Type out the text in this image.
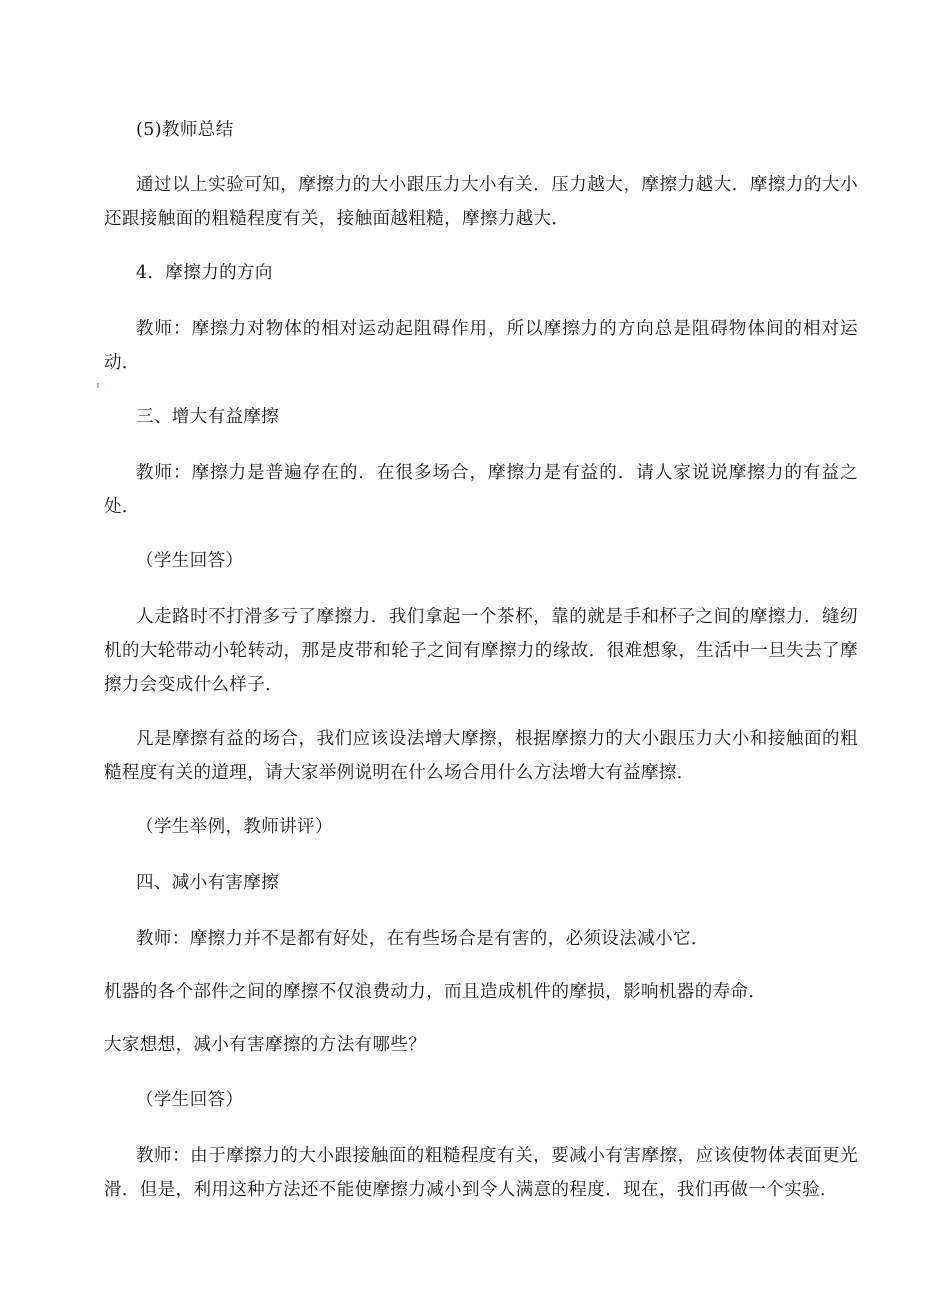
(5)教师总结

通过以上实验可知，摩擦力的大小跟压力大小有关．压力越大，摩擦力越大．摩擦力的大小还跟接触面的粗糙程度有关，接触面越粗糙，摩擦力越大．

4．摩擦力的方向

教师：摩擦力对物体的相对运动起阻碍作用，所以摩擦力的方向总是阻碍物体间的相对运动．

三、增大有益摩擦

教师：摩擦力是普遍存在的．在很多场合，摩擦力是有益的．请人家说说摩擦力的有益之处．

（学生回答）

人走路时不打滑多亏了摩擦力．我们拿起一个茶杯，靠的就是手和杯子之间的摩擦力．缝纫机的大轮带动小轮转动，那是皮带和轮子之间有摩擦力的缘故．很难想象，生活中一旦失去了摩擦力会变成什么样子．

凡是摩擦有益的场合，我们应该设法增大摩擦，根据摩擦力的大小跟压力大小和接触面的粗糙程度有关的道理，请大家举例说明在什么场合用什么方法增大有益摩擦．

（学生举例，教师讲评）

四、减小有害摩擦

教师：摩擦力并不是都有好处，在有些场合是有害的，必须设法减小它．

机器的各个部件之间的摩擦不仅浪费动力，而且造成机件的摩损，影响机器的寿命．

大家想想，减小有害摩擦的方法有哪些？

（学生回答）

教师：由于摩擦力的大小跟接触面的粗糙程度有关，要减小有害摩擦，应该使物体表面更光滑．但是，利用这种方法还不能使摩擦力减小到令人满意的程度．现在，我们再做一个实验．
